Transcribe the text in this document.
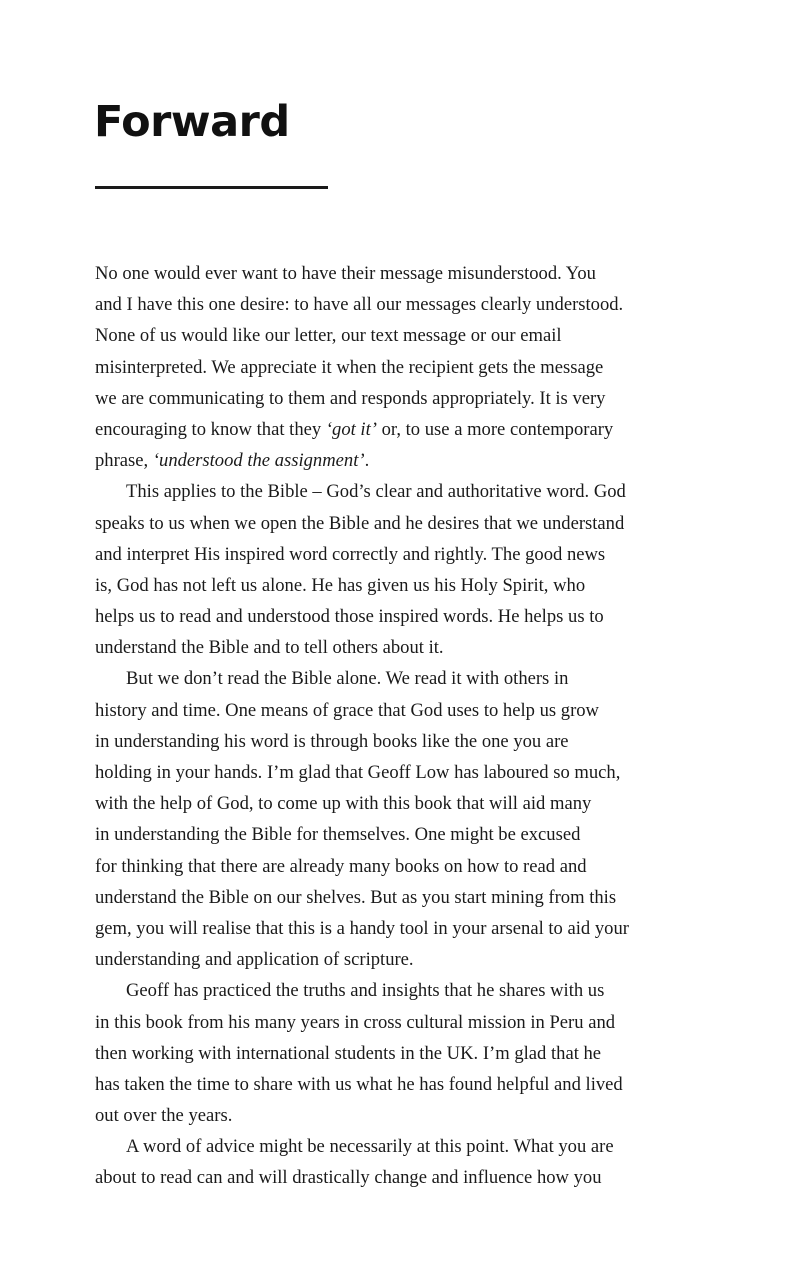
Forward
No one would ever want to have their message misunderstood. You
and I have this one desire: to have all our messages clearly understood.
None of us would like our letter, our text message or our email
misinterpreted. We appreciate it when the recipient gets the message
we are communicating to them and responds appropriately. It is very
encouraging to know that they ‘got it’ or, to use a more contemporary
phrase, ‘understood the assignment’.
This applies to the Bible – God’s clear and authoritative word. God
speaks to us when we open the Bible and he desires that we understand
and interpret His inspired word correctly and rightly. The good news
is, God has not left us alone. He has given us his Holy Spirit, who
helps us to read and understood those inspired words. He helps us to
understand the Bible and to tell others about it.
But we don’t read the Bible alone. We read it with others in
history and time. One means of grace that God uses to help us grow
in understanding his word is through books like the one you are
holding in your hands. I’m glad that Geoff Low has laboured so much,
with the help of God, to come up with this book that will aid many
in understanding the Bible for themselves. One might be excused
for thinking that there are already many books on how to read and
understand the Bible on our shelves. But as you start mining from this
gem, you will realise that this is a handy tool in your arsenal to aid your
understanding and application of scripture.
Geoff has practiced the truths and insights that he shares with us
in this book from his many years in cross cultural mission in Peru and
then working with international students in the UK. I’m glad that he
has taken the time to share with us what he has found helpful and lived
out over the years.
A word of advice might be necessarily at this point. What you are
about to read can and will drastically change and influence how you
